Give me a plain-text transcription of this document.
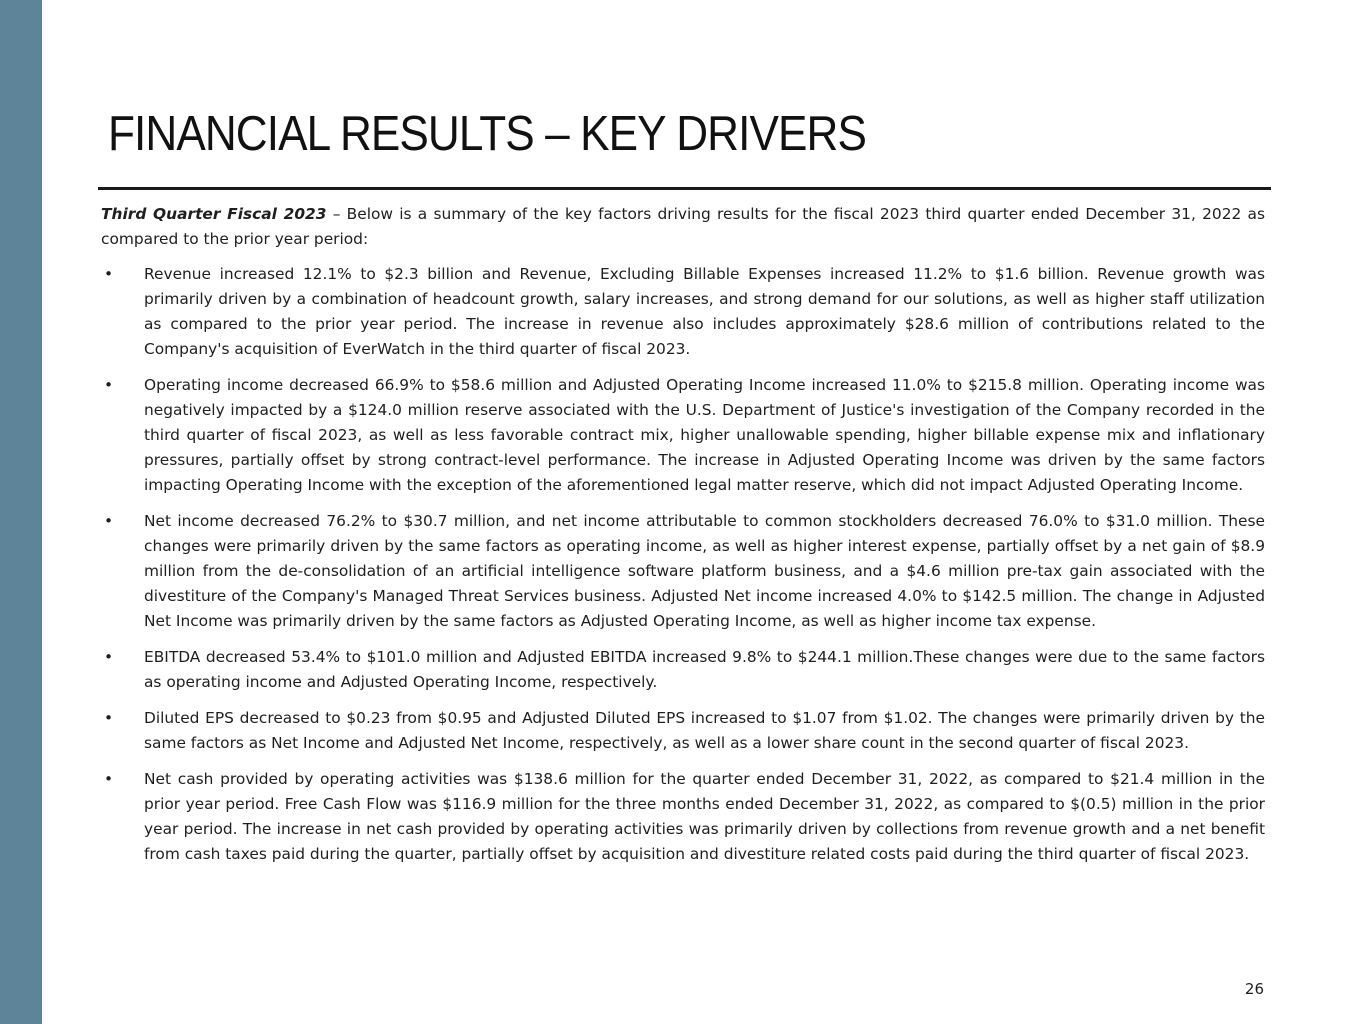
FINANCIAL RESULTS – KEY DRIVERS

Third Quarter Fiscal 2023 – Below is a summary of the key factors driving results for the fiscal 2023 third quarter ended December 31, 2022 as compared to the prior year period:

• Revenue increased 12.1% to $2.3 billion and Revenue, Excluding Billable Expenses increased 11.2% to $1.6 billion. Revenue growth was primarily driven by a combination of headcount growth, salary increases, and strong demand for our solutions, as well as higher staff utilization as compared to the prior year period. The increase in revenue also includes approximately $28.6 million of contributions related to the Company's acquisition of EverWatch in the third quarter of fiscal 2023.
• Operating income decreased 66.9% to $58.6 million and Adjusted Operating Income increased 11.0% to $215.8 million. Operating income was negatively impacted by a $124.0 million reserve associated with the U.S. Department of Justice's investigation of the Company recorded in the third quarter of fiscal 2023, as well as less favorable contract mix, higher unallowable spending, higher billable expense mix and inflationary pressures, partially offset by strong contract-level performance. The increase in Adjusted Operating Income was driven by the same factors impacting Operating Income with the exception of the aforementioned legal matter reserve, which did not impact Adjusted Operating Income.
• Net income decreased 76.2% to $30.7 million, and net income attributable to common stockholders decreased 76.0% to $31.0 million. These changes were primarily driven by the same factors as operating income, as well as higher interest expense, partially offset by a net gain of $8.9 million from the de-consolidation of an artificial intelligence software platform business, and a $4.6 million pre-tax gain associated with the divestiture of the Company's Managed Threat Services business. Adjusted Net income increased 4.0% to $142.5 million. The change in Adjusted Net Income was primarily driven by the same factors as Adjusted Operating Income, as well as higher income tax expense.
• EBITDA decreased 53.4% to $101.0 million and Adjusted EBITDA increased 9.8% to $244.1 million.These changes were due to the same factors as operating income and Adjusted Operating Income, respectively.
• Diluted EPS decreased to $0.23 from $0.95 and Adjusted Diluted EPS increased to $1.07 from $1.02. The changes were primarily driven by the same factors as Net Income and Adjusted Net Income, respectively, as well as a lower share count in the second quarter of fiscal 2023.
• Net cash provided by operating activities was $138.6 million for the quarter ended December 31, 2022, as compared to $21.4 million in the prior year period. Free Cash Flow was $116.9 million for the three months ended December 31, 2022, as compared to $(0.5) million in the prior year period. The increase in net cash provided by operating activities was primarily driven by collections from revenue growth and a net benefit from cash taxes paid during the quarter, partially offset by acquisition and divestiture related costs paid during the third quarter of fiscal 2023.
26
